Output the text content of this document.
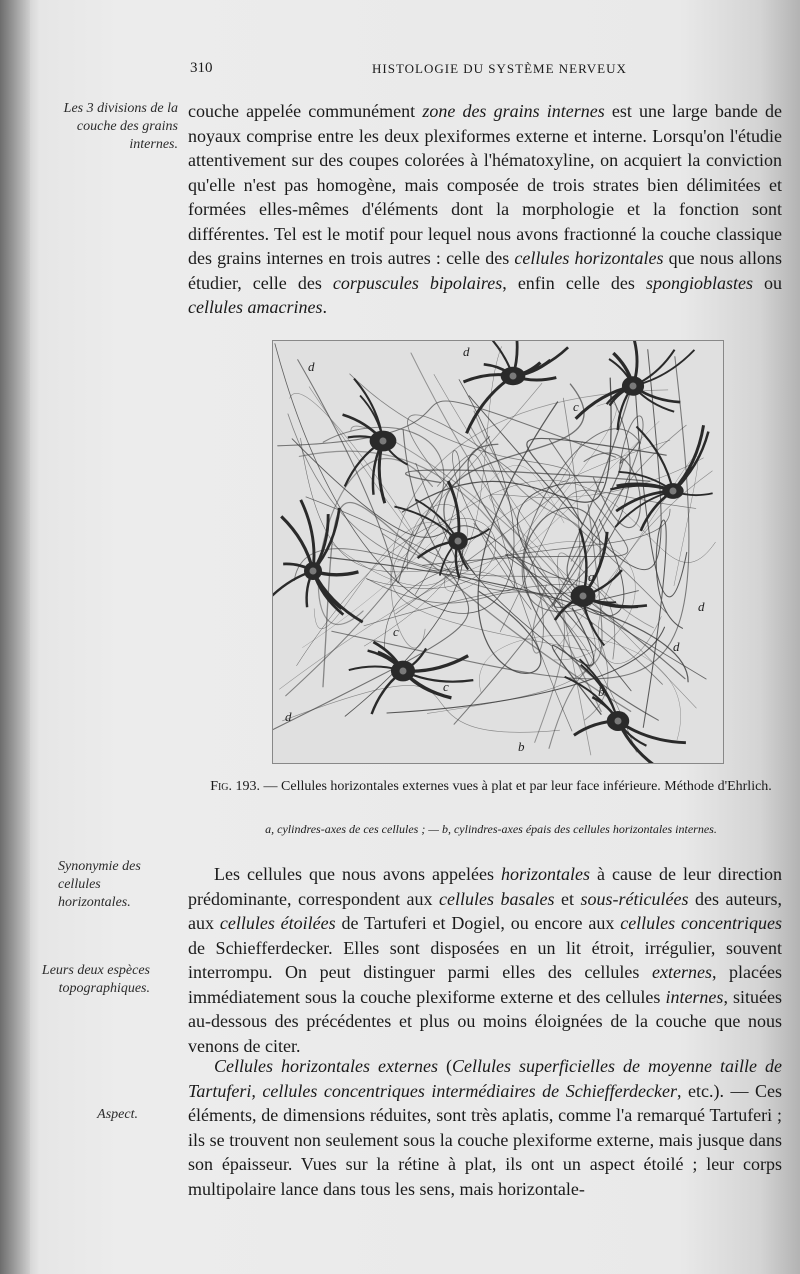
310	HISTOLOGIE DU SYSTÈME NERVEUX
Les 3 divisions de la couche des grains internes.
Synonymie des cellules horizontales.
Leurs deux espèces topographiques.
Aspect.

couche appelée communément zone des grains internes est une large bande de noyaux comprise entre les deux plexiformes externe et interne. Lorsqu'on l'étudie attentivement sur des coupes colorées à l'hématoxyline, on acquiert la conviction qu'elle n'est pas homogène, mais composée de trois strates bien délimitées et formées elles-mêmes d'éléments dont la morphologie et la fonction sont différentes. Tel est le motif pour lequel nous avons fractionné la couche classique des grains internes en trois autres : celle des cellules horizontales que nous allons étudier, celle des corpuscules bipolaires, enfin celle des spongioblastes ou cellules amacrines.

d
d
c
d
a
c
d
d
c	b
b
Fig. 193. — Cellules horizontales externes vues à plat et par leur face inférieure. Méthode d'Ehrlich.
a, cylindres-axes de ces cellules ; — b, cylindres-axes épais des cellules horizontales internes.

Les cellules que nous avons appelées horizontales à cause de leur direction prédominante, correspondent aux cellules basales et sous-réticulées des auteurs, aux cellules étoilées de Tartuferi et Dogiel, ou encore aux cellules concentriques de Schiefferdecker. Elles sont disposées en un lit étroit, irrégulier, souvent interrompu. On peut distinguer parmi elles des cellules externes, placées immédiatement sous la couche plexiforme externe et des cellules internes, situées au-dessous des précédentes et plus ou moins éloignées de la couche que nous venons de citer.

Cellules horizontales externes (Cellules superficielles de moyenne taille de Tartuferi, cellules concentriques intermédiaires de Schiefferdecker, etc.). — Ces éléments, de dimensions réduites, sont très aplatis, comme l'a remarqué Tartuferi ; ils se trouvent non seulement sous la couche plexiforme externe, mais jusque dans son épaisseur. Vues sur la rétine à plat, ils ont un aspect étoilé ; leur corps multipolaire lance dans tous les sens, mais horizontale-
